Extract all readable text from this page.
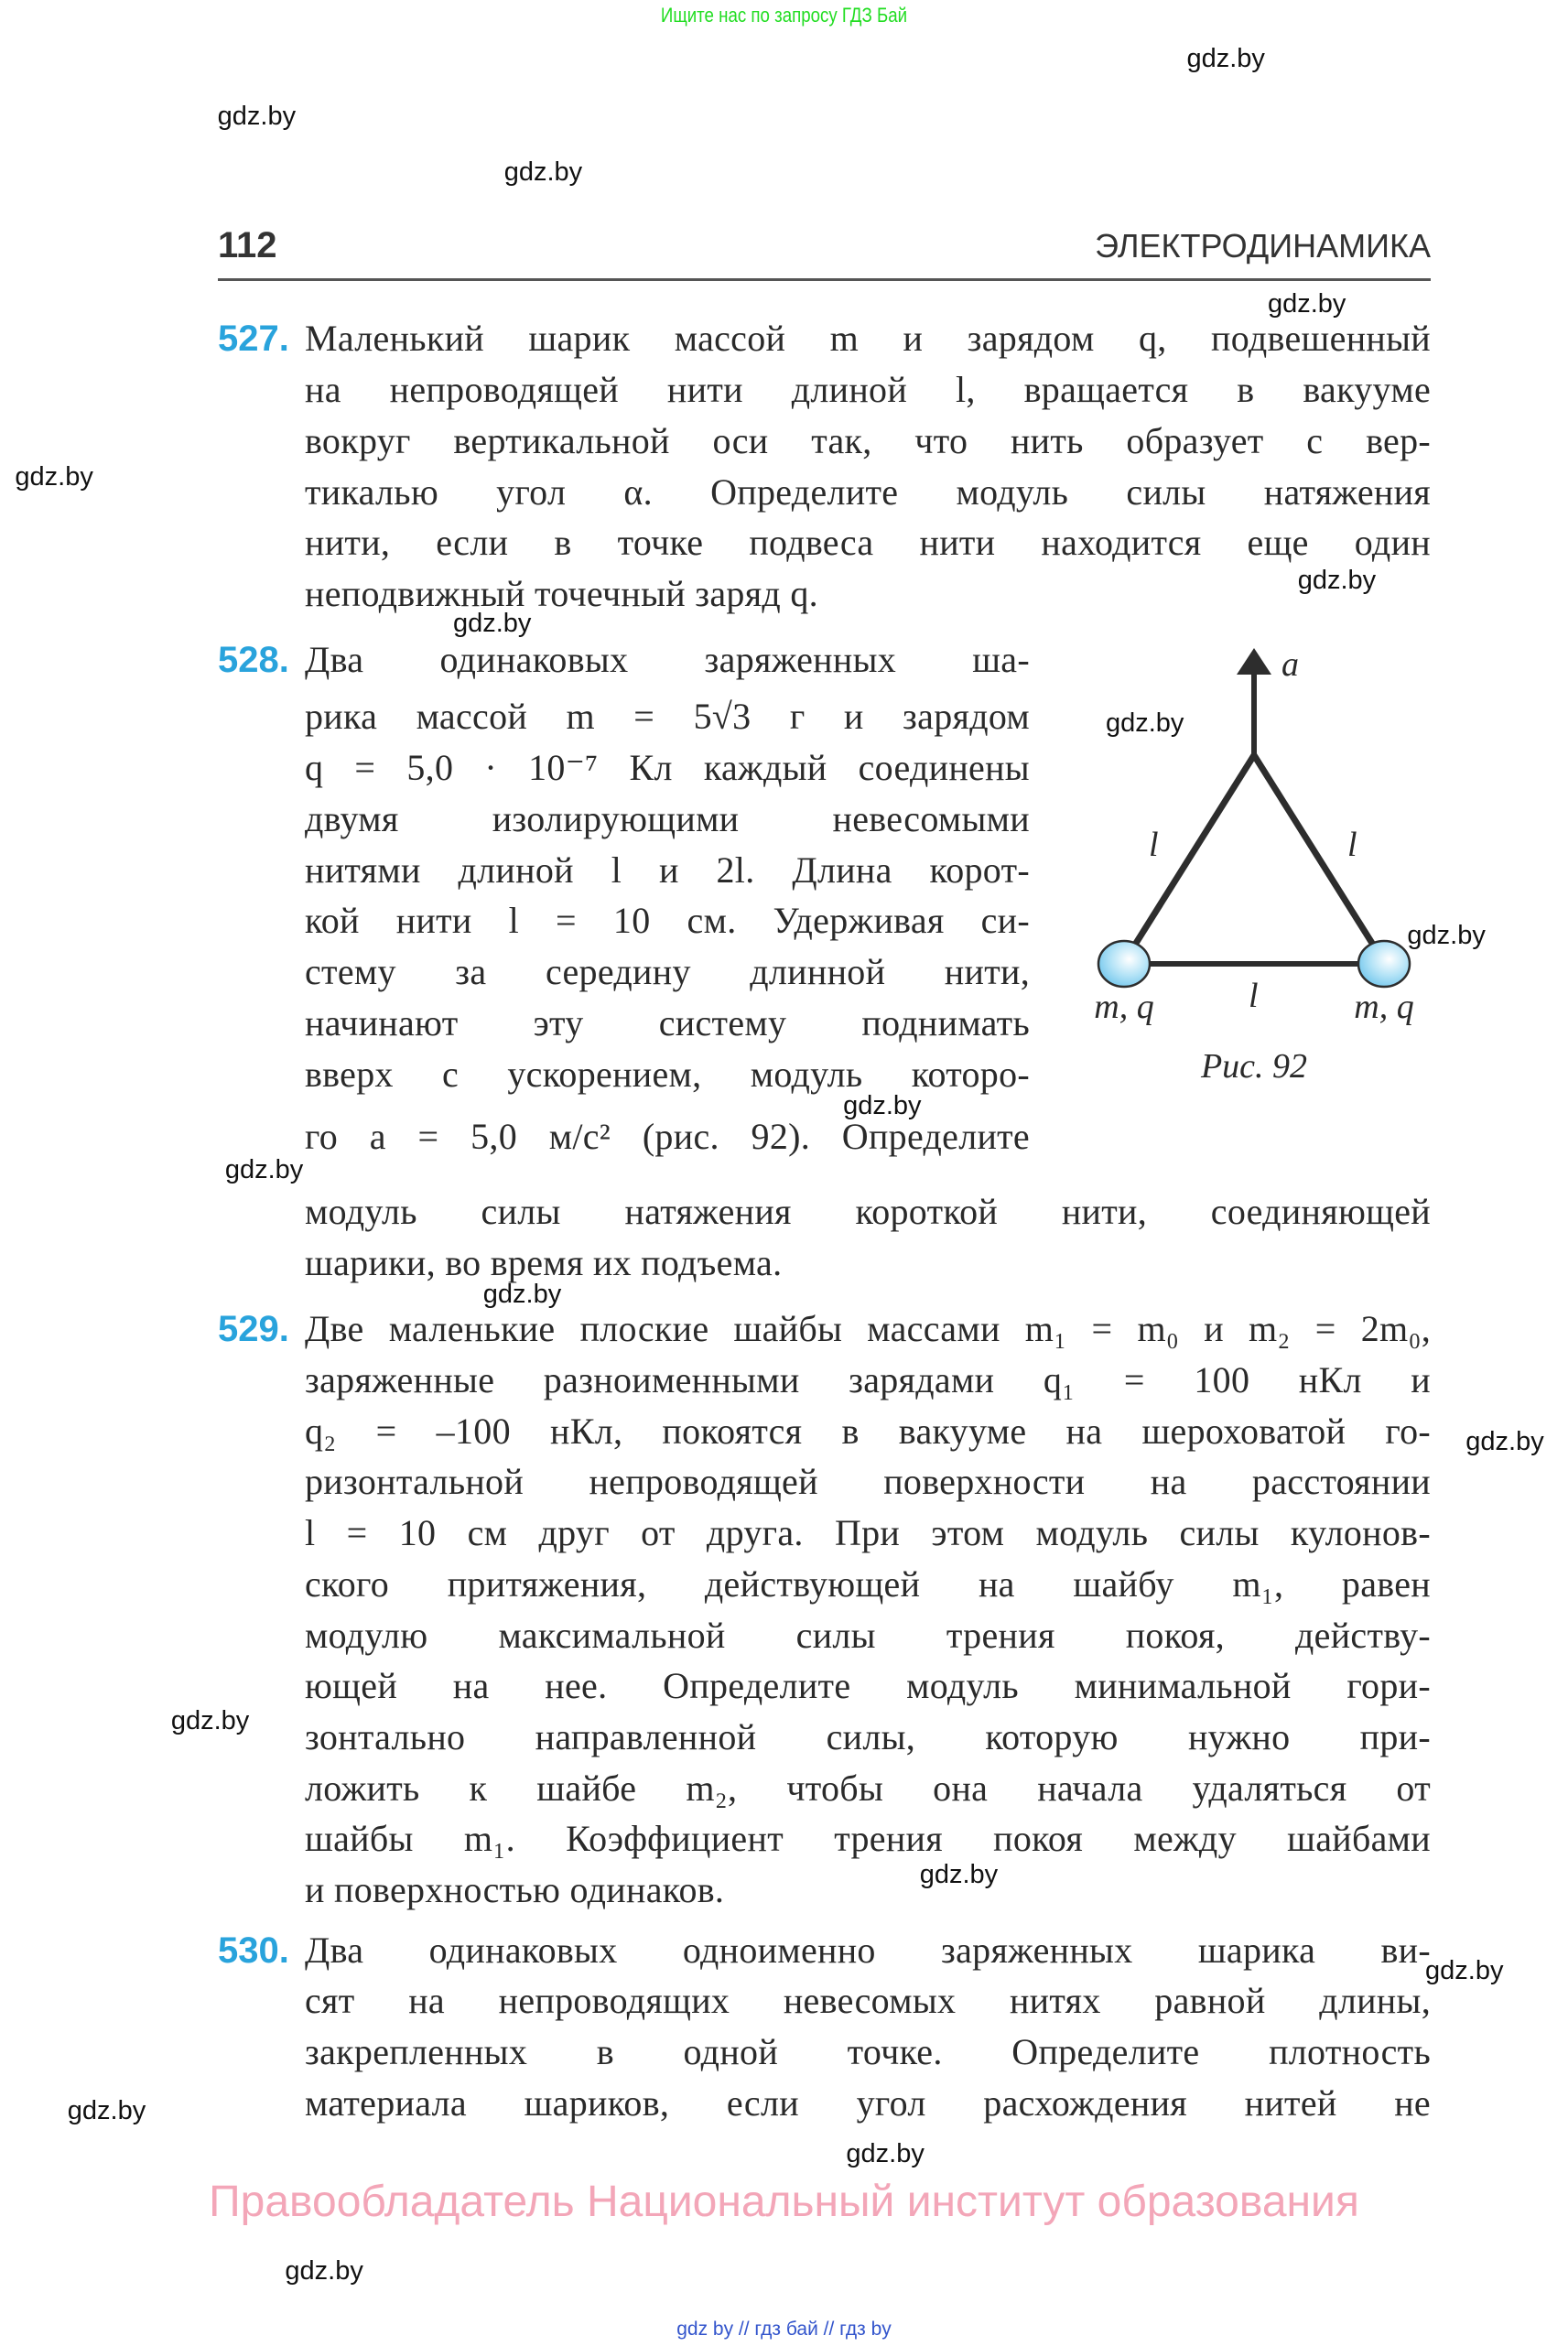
Ищите нас по запросу ГДЗ Бай
112	ЭЛЕКТРОДИНАМИКА
527. Маленький шарик массой m и зарядом q, подвешенный
на непроводящей нити длиной l, вращается в вакууме
вокруг вертикальной оси так, что нить образует с вер-
тикалью угол α. Определите модуль силы натяжения
нити, если в точке подвеса нити находится еще один
неподвижный точечный заряд q.
528. Два одинаковых заряженных ша-
рика массой m = 5√3 г и зарядом
q = 5,0 · 10⁻⁷ Кл каждый соединены
двумя изолирующими невесомыми
нитями длиной l и 2l. Длина корот-
кой нити l = 10 см. Удерживая си-
стему за середину длинной нити,
начинают эту систему поднимать
вверх с ускорением, модуль которо-
го a = 5,0 м/с² (рис. 92). Определите
модуль силы натяжения короткой нити, соединяющей
шарики, во время их подъема.
529. Две маленькие плоские шайбы массами m₁ = m₀ и m₂ = 2m₀,
заряженные разноименными зарядами q₁ = 100 нКл и
q₂ = –100 нКл, покоятся в вакууме на шероховатой го-
ризонтальной непроводящей поверхности на расстоянии
l = 10 см друг от друга. При этом модуль силы кулонов-
ского притяжения, действующей на шайбу m₁, равен
модулю максимальной силы трения покоя, действу-
ющей на нее. Определите модуль минимальной гори-
зонтально направленной силы, которую нужно при-
ложить к шайбе m₂, чтобы она начала удаляться от
шайбы m₁. Коэффициент трения покоя между шайбами
и поверхностью одинаков.
530. Два одинаковых одноименно заряженных шарика ви-
сят на непроводящих невесомых нитях равной длины,
закрепленных в одной точке. Определите плотность
материала шариков, если угол расхождения нитей не
a⃗
l	l
l
m, q	m, q
Рис. 92
gdz.by
gdz.by
gdz.by
gdz.by
gdz.by
gdz.by
gdz.by
gdz.by
gdz.by
gdz.by
gdz.by
gdz.by
gdz.by
gdz.by
gdz.by
gdz.by
gdz.by
gdz.by
gdz.by
Правообладатель Национальный институт образования
gdz by // гдз бай // гдз by
